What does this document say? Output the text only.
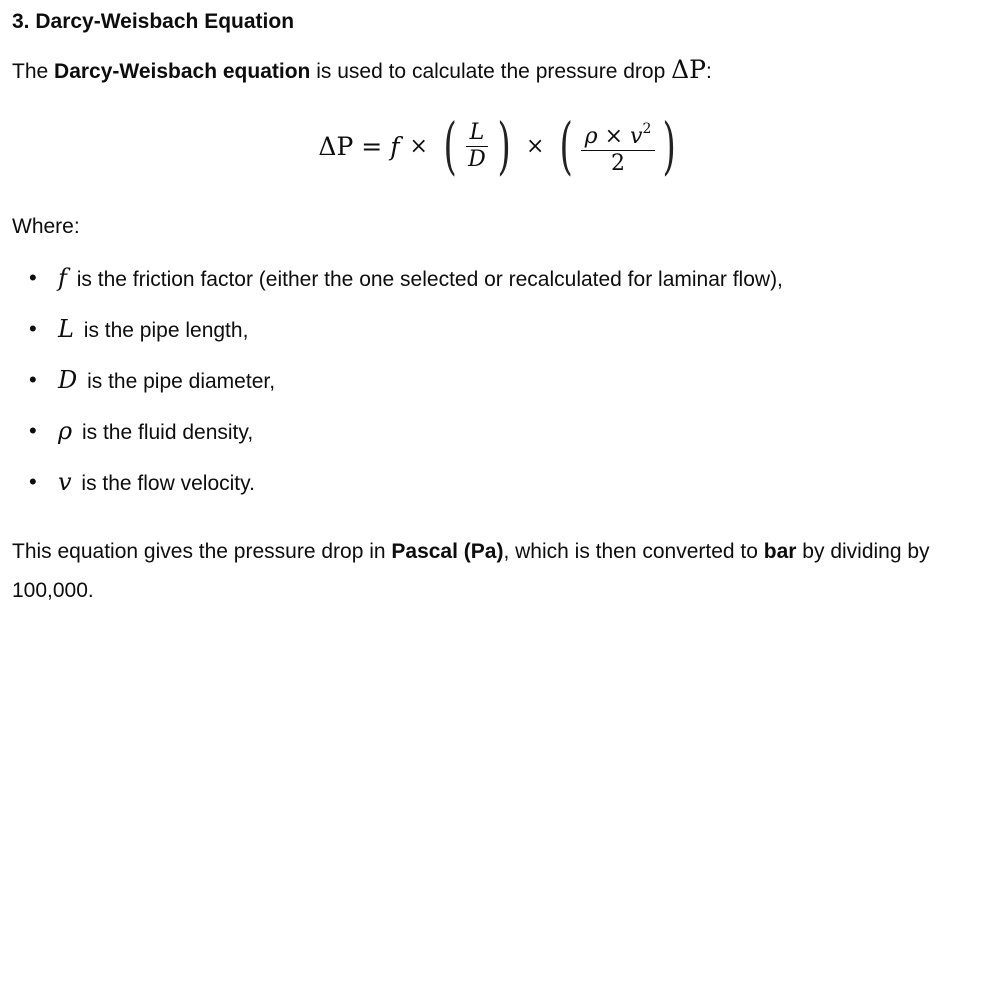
3. Darcy-Weisbach Equation

The Darcy-Weisbach equation is used to calculate the pressure drop ΔP:

ΔP = f × ( $\frac{L}{D}$ ) × ( $\frac{\rho \times v^2}{2}$ )

Where:

• f is the friction factor (either the one selected or recalculated for laminar flow),
• L is the pipe length,
• D is the pipe diameter,
• ρ is the fluid density,
• v is the flow velocity.

This equation gives the pressure drop in Pascal (Pa), which is then converted to bar by dividing by 100,000.
